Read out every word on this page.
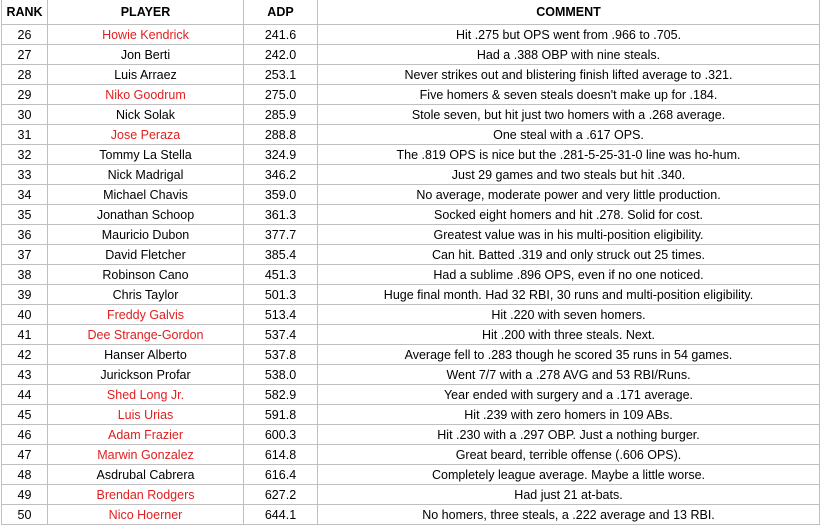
RANK	PLAYER	ADP	COMMENT
26	Howie Kendrick	241.6	Hit .275 but OPS went from .966 to .705.
27	Jon Berti	242.0	Had a .388 OBP with nine steals.
28	Luis Arraez	253.1	Never strikes out and blistering finish lifted average to .321.
29	Niko Goodrum	275.0	Five homers & seven steals doesn't make up for .184.
30	Nick Solak	285.9	Stole seven, but hit just two homers with a .268 average.
31	Jose Peraza	288.8	One steal with a .617 OPS.
32	Tommy La Stella	324.9	The .819 OPS is nice but the .281-5-25-31-0 line was ho-hum.
33	Nick Madrigal	346.2	Just 29 games and two steals but hit .340.
34	Michael Chavis	359.0	No average, moderate power and very little production.
35	Jonathan Schoop	361.3	Socked eight homers and hit .278. Solid for cost.
36	Mauricio Dubon	377.7	Greatest value was in his multi-position eligibility.
37	David Fletcher	385.4	Can hit. Batted .319 and only struck out 25 times.
38	Robinson Cano	451.3	Had a sublime .896 OPS, even if no one noticed.
39	Chris Taylor	501.3	Huge final month. Had 32 RBI, 30 runs and multi-position eligibility.
40	Freddy Galvis	513.4	Hit .220 with seven homers.
41	Dee Strange-Gordon	537.4	Hit .200 with three steals. Next.
42	Hanser Alberto	537.8	Average fell to .283 though he scored 35 runs in 54 games.
43	Jurickson Profar	538.0	Went 7/7 with a .278 AVG and 53 RBI/Runs.
44	Shed Long Jr.	582.9	Year ended with surgery and a .171 average.
45	Luis Urias	591.8	Hit .239 with zero homers in 109 ABs.
46	Adam Frazier	600.3	Hit .230 with a .297 OBP. Just a nothing burger.
47	Marwin Gonzalez	614.8	Great beard, terrible offense (.606 OPS).
48	Asdrubal Cabrera	616.4	Completely league average. Maybe a little worse.
49	Brendan Rodgers	627.2	Had just 21 at-bats.
50	Nico Hoerner	644.1	No homers, three steals, a .222 average and 13 RBI.
